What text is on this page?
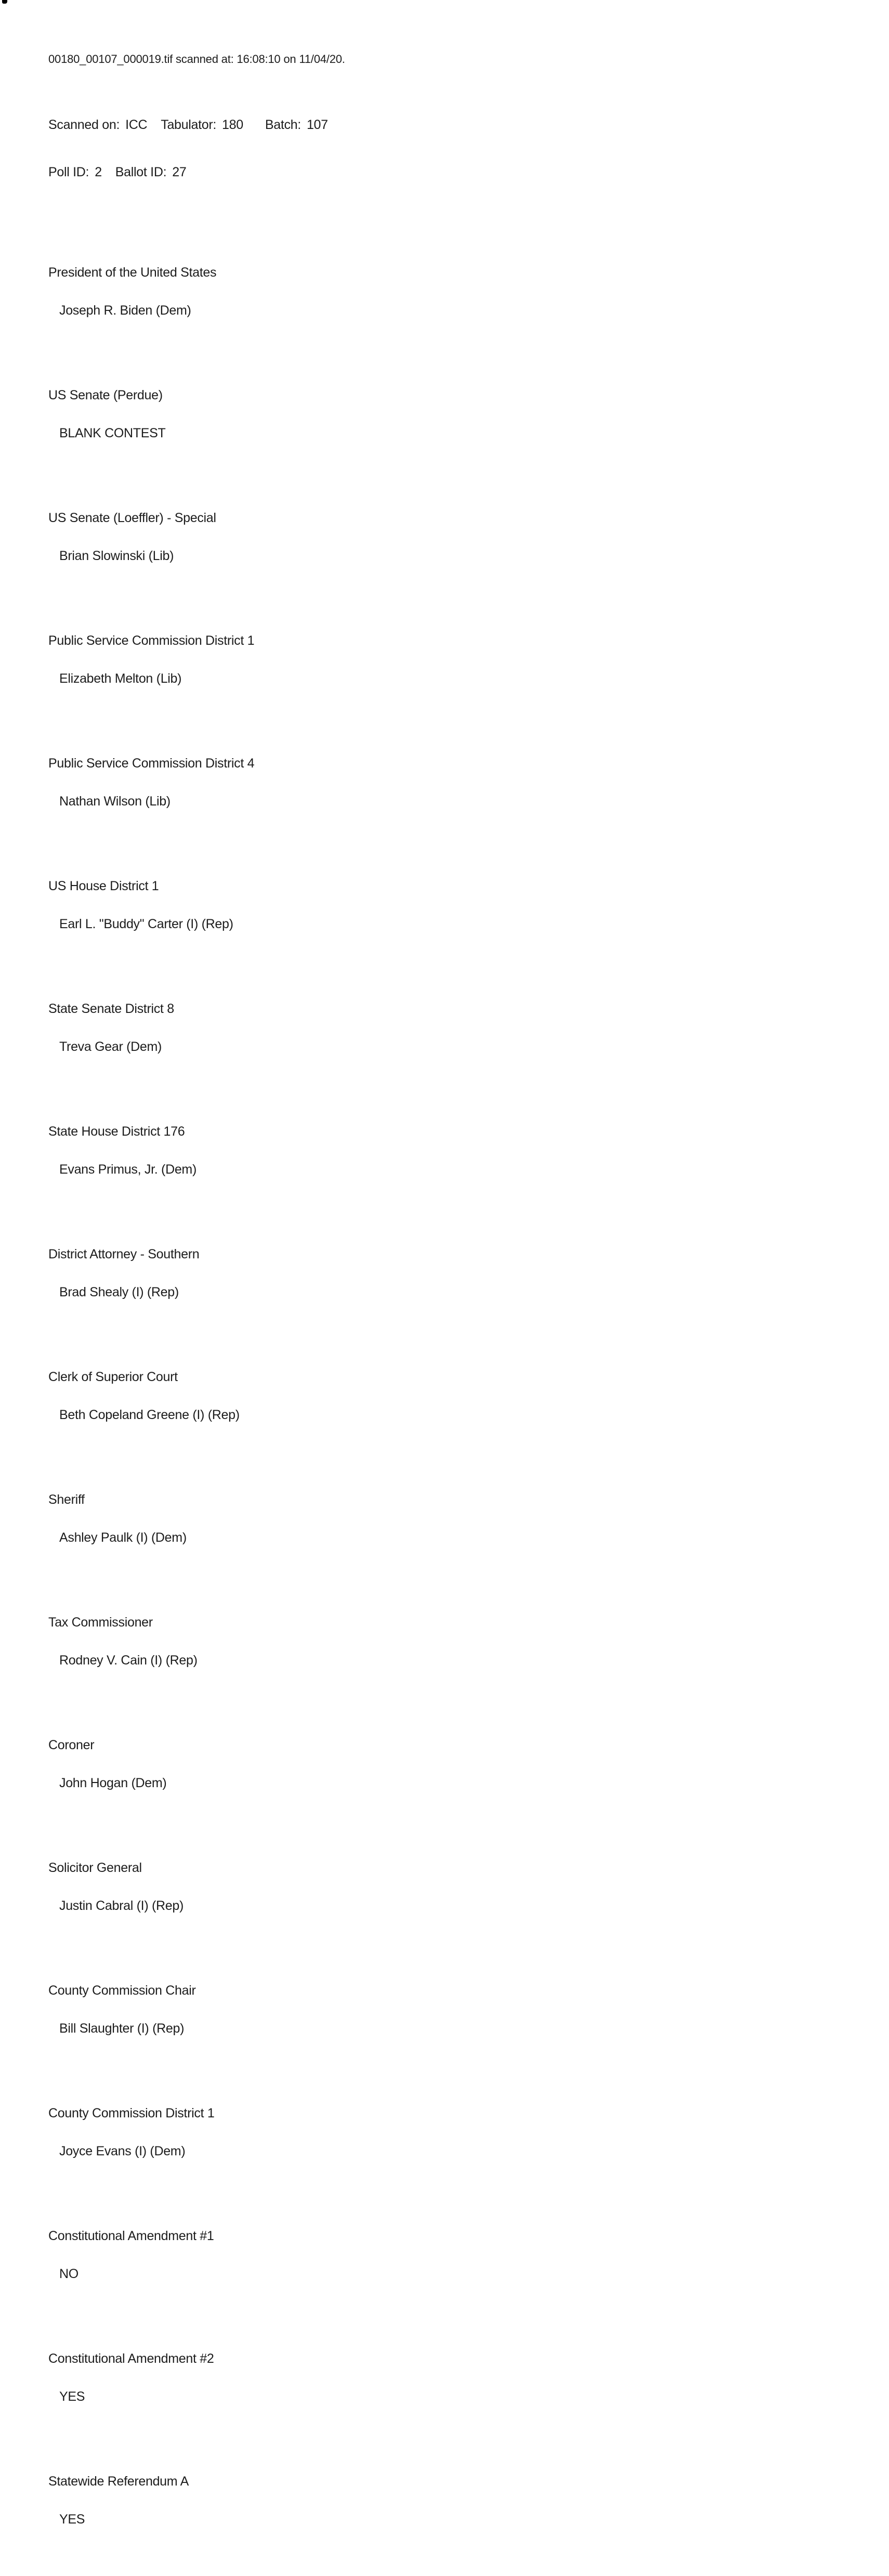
00180_00107_000019.tif scanned at: 16:08:10 on 11/04/20.

Scanned on: ICC Tabulator: 180 Batch: 107

Poll ID: 2 Ballot ID: 27

President of the United States

Joseph R. Biden (Dem)

US Senate (Perdue)

BLANK CONTEST

US Senate (Loeffler) - Special

Brian Slowinski (Lib)

Public Service Commission District 1

Elizabeth Melton (Lib)

Public Service Commission District 4

Nathan Wilson (Lib)

US House District 1

Earl L. "Buddy" Carter (I) (Rep)

State Senate District 8

Treva Gear (Dem)

State House District 176

Evans Primus, Jr. (Dem)

District Attorney - Southern

Brad Shealy (I) (Rep)

Clerk of Superior Court

Beth Copeland Greene (I) (Rep)

Sheriff

Ashley Paulk (I) (Dem)

Tax Commissioner

Rodney V. Cain (I) (Rep)

Coroner

John Hogan (Dem)

Solicitor General

Justin Cabral (I) (Rep)

County Commission Chair

Bill Slaughter (I) (Rep)

County Commission District 1

Joyce Evans (I) (Dem)

Constitutional Amendment #1

NO

Constitutional Amendment #2

YES

Statewide Referendum A

YES
